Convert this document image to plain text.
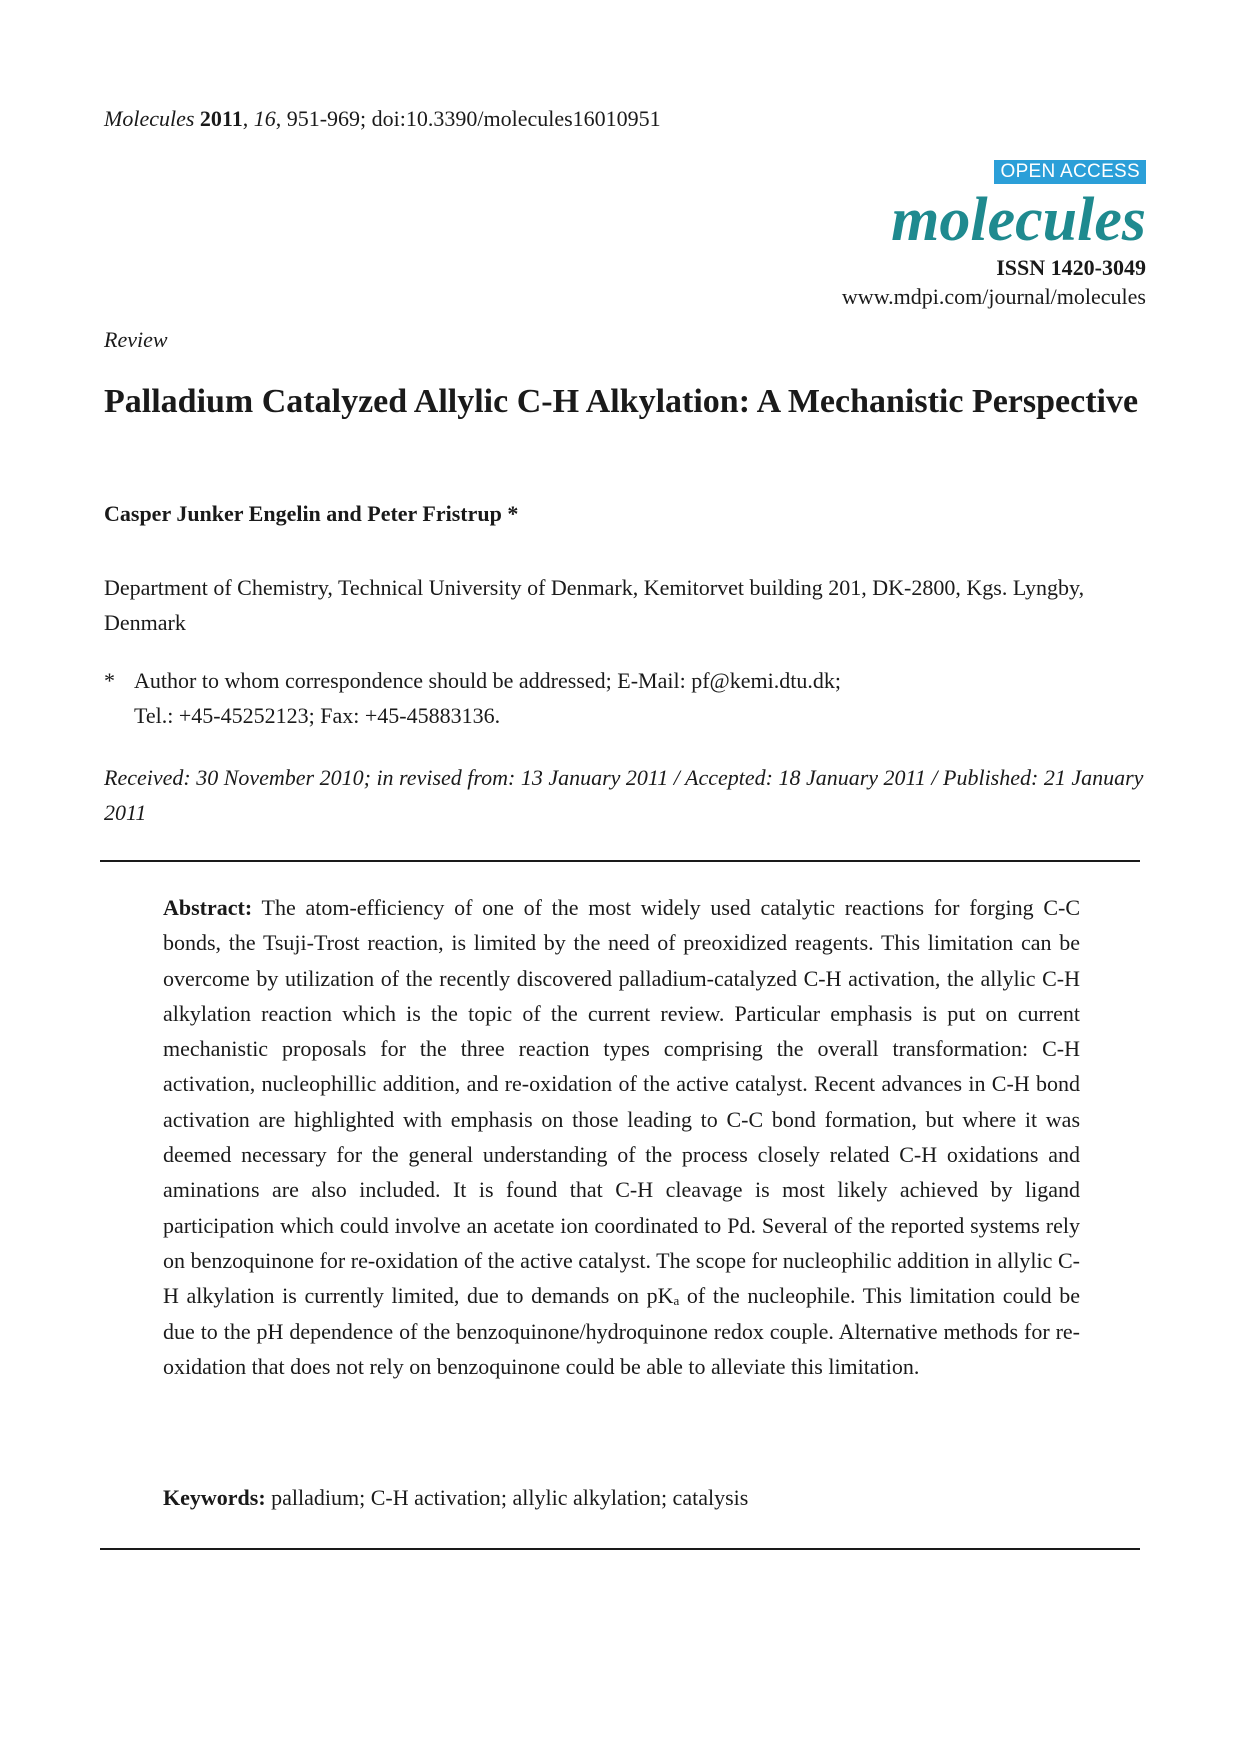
Molecules 2011, 16, 951-969; doi:10.3390/molecules16010951
OPEN ACCESS
molecules
ISSN 1420-3049
www.mdpi.com/journal/molecules
Review
Palladium Catalyzed Allylic C-H Alkylation: A Mechanistic Perspective
Casper Junker Engelin and Peter Fristrup *
Department of Chemistry, Technical University of Denmark, Kemitorvet building 201, DK-2800, Kgs. Lyngby, Denmark
* Author to whom correspondence should be addressed; E-Mail: pf@kemi.dtu.dk;
Tel.: +45-45252123; Fax: +45-45883136.
Received: 30 November 2010; in revised from: 13 January 2011 / Accepted: 18 January 2011 / Published: 21 January 2011

Abstract: The atom-efficiency of one of the most widely used catalytic reactions for forging C-C bonds, the Tsuji-Trost reaction, is limited by the need of preoxidized reagents. This limitation can be overcome by utilization of the recently discovered palladium-catalyzed C-H activation, the allylic C-H alkylation reaction which is the topic of the current review. Particular emphasis is put on current mechanistic proposals for the three reaction types comprising the overall transformation: C-H activation, nucleophillic addition, and re-oxidation of the active catalyst. Recent advances in C-H bond activation are highlighted with emphasis on those leading to C-C bond formation, but where it was deemed necessary for the general understanding of the process closely related C-H oxidations and aminations are also included. It is found that C-H cleavage is most likely achieved by ligand participation which could involve an acetate ion coordinated to Pd. Several of the reported systems rely on benzoquinone for re-oxidation of the active catalyst. The scope for nucleophilic addition in allylic C-H alkylation is currently limited, due to demands on $pK_a$ of the nucleophile. This limitation could be due to the pH dependence of the benzoquinone/hydroquinone redox couple. Alternative methods for re-oxidation that does not rely on benzoquinone could be able to alleviate this limitation.

Keywords: palladium; C-H activation; allylic alkylation; catalysis
